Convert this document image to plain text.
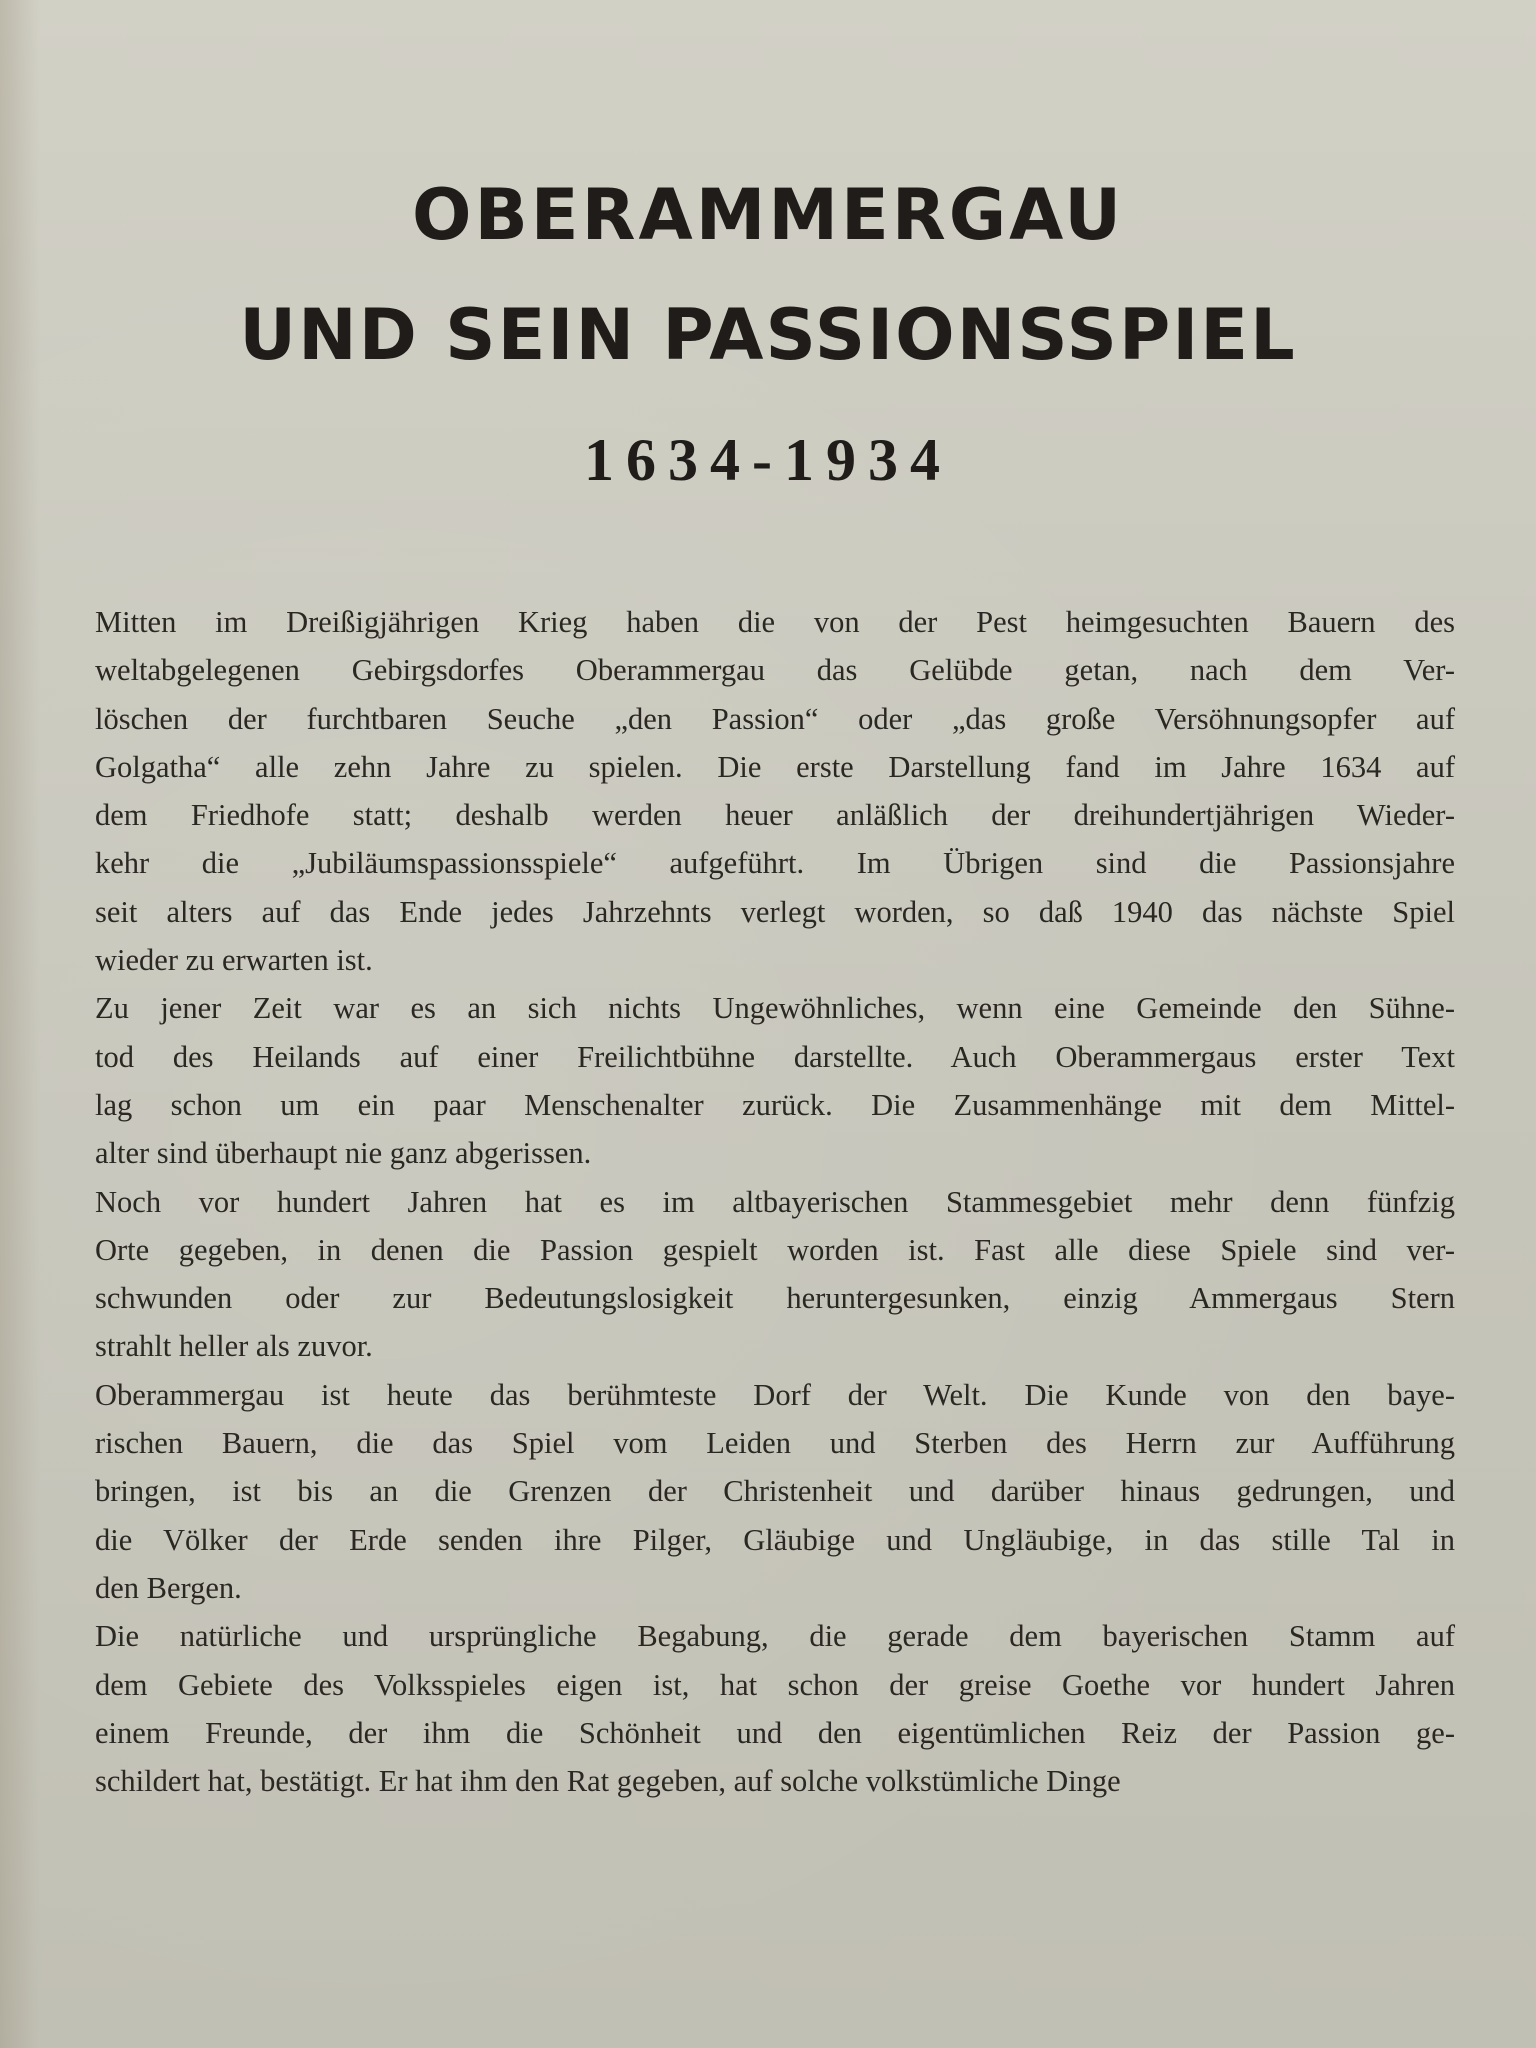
OBERAMMERGAU
UND SEIN PASSIONSSPIEL
1634-1934

Mitten im Dreißigjährigen Krieg haben die von der Pest heimgesuchten Bauern des
weltabgelegenen Gebirgsdorfes Oberammergau das Gelübde getan, nach dem Ver-
löschen der furchtbaren Seuche „den Passion“ oder „das große Versöhnungsopfer auf
Golgatha“ alle zehn Jahre zu spielen. Die erste Darstellung fand im Jahre 1634 auf
dem Friedhofe statt; deshalb werden heuer anläßlich der dreihundertjährigen Wieder-
kehr die „Jubiläumspassionsspiele“ aufgeführt. Im Übrigen sind die Passionsjahre
seit alters auf das Ende jedes Jahrzehnts verlegt worden, so daß 1940 das nächste Spiel
wieder zu erwarten ist.

Zu jener Zeit war es an sich nichts Ungewöhnliches, wenn eine Gemeinde den Sühne-
tod des Heilands auf einer Freilichtbühne darstellte. Auch Oberammergaus erster Text
lag schon um ein paar Menschenalter zurück. Die Zusammenhänge mit dem Mittel-
alter sind überhaupt nie ganz abgerissen.

Noch vor hundert Jahren hat es im altbayerischen Stammesgebiet mehr denn fünfzig
Orte gegeben, in denen die Passion gespielt worden ist. Fast alle diese Spiele sind ver-
schwunden oder zur Bedeutungslosigkeit heruntergesunken, einzig Ammergaus Stern
strahlt heller als zuvor.

Oberammergau ist heute das berühmteste Dorf der Welt. Die Kunde von den baye-
rischen Bauern, die das Spiel vom Leiden und Sterben des Herrn zur Aufführung
bringen, ist bis an die Grenzen der Christenheit und darüber hinaus gedrungen, und
die Völker der Erde senden ihre Pilger, Gläubige und Ungläubige, in das stille Tal in
den Bergen.

Die natürliche und ursprüngliche Begabung, die gerade dem bayerischen Stamm auf
dem Gebiete des Volksspieles eigen ist, hat schon der greise Goethe vor hundert Jahren
einem Freunde, der ihm die Schönheit und den eigentümlichen Reiz der Passion ge-
schildert hat, bestätigt. Er hat ihm den Rat gegeben, auf solche volkstümliche Dinge
